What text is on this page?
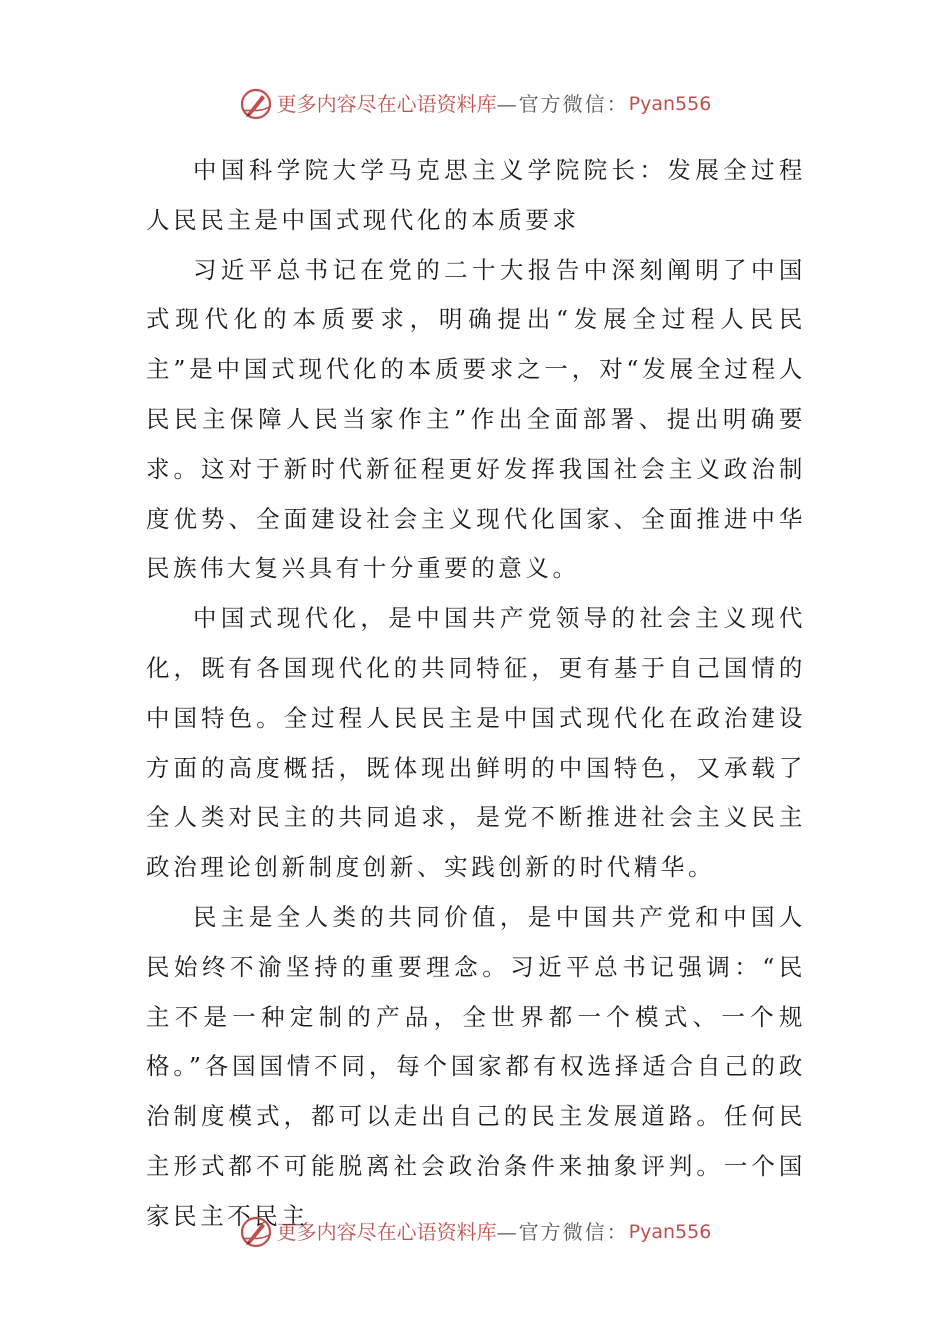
更多内容尽在心语资料库 — 官方微信： Pyan556

中国科学院大学马克思主义学院院长：发展全过程人民民主是中国式现代化的本质要求

习近平总书记在党的二十大报告中深刻阐明了中国式现代化的本质要求，明确提出“发展全过程人民民主”是中国式现代化的本质要求之一，对“发展全过程人民民主保障人民当家作主”作出全面部署、提出明确要求。这对于新时代新征程更好发挥我国社会主义政治制度优势、全面建设社会主义现代化国家、全面推进中华民族伟大复兴具有十分重要的意义。

中国式现代化，是中国共产党领导的社会主义现代化，既有各国现代化的共同特征，更有基于自己国情的中国特色。全过程人民民主是中国式现代化在政治建设方面的高度概括，既体现出鲜明的中国特色，又承载了全人类对民主的共同追求，是党不断推进社会主义民主政治理论创新制度创新、实践创新的时代精华。

民主是全人类的共同价值，是中国共产党和中国人民始终不渝坚持的重要理念。习近平总书记强调：“民主不是一种定制的产品，全世界都一个模式、一个规格。”各国国情不同，每个国家都有权选择适合自己的政治制度模式，都可以走出自己的民主发展道路。任何民主形式都不可能脱离社会政治条件来抽象评判。一个国家民主不民主

更多内容尽在心语资料库 — 官方微信： Pyan556
